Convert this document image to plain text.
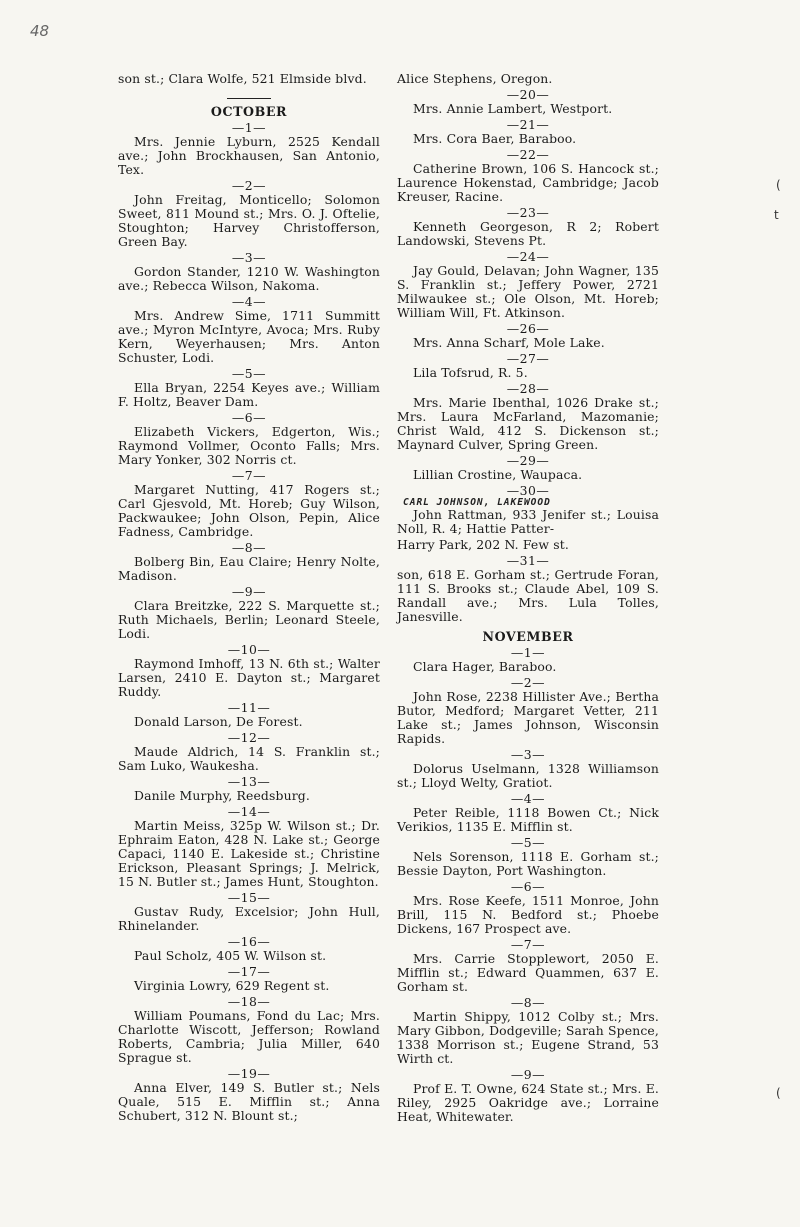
48
(
t
(

son st.; Clara Wolfe, 521 Elmside blvd.

OCTOBER

—1—

Mrs. Jennie Lyburn, 2525 Kendall ave.; John Brockhausen, San Antonio, Tex.

—2—

John Freitag, Monticello; Solomon Sweet, 811 Mound st.; Mrs. O. J. Oftelie, Stoughton; Harvey Christofferson, Green Bay.

—3—

Gordon Stander, 1210 W. Washington ave.; Rebecca Wilson, Nakoma.

—4—

Mrs. Andrew Sime, 1711 Summitt ave.; Myron McIntyre, Avoca; Mrs. Ruby Kern, Weyerhausen; Mrs. Anton Schuster, Lodi.

—5—

Ella Bryan, 2254 Keyes ave.; William F. Holtz, Beaver Dam.

—6—

Elizabeth Vickers, Edgerton, Wis.; Raymond Vollmer, Oconto Falls; Mrs. Mary Yonker, 302 Norris ct.

—7—

Margaret Nutting, 417 Rogers st.; Carl Gjesvold, Mt. Horeb; Guy Wilson, Packwaukee; John Olson, Pepin, Alice Fadness, Cambridge.

—8—

Bolberg Bin, Eau Claire; Henry Nolte, Madison.

—9—

Clara Breitzke, 222 S. Marquette st.; Ruth Michaels, Berlin; Leonard Steele, Lodi.

—10—

Raymond Imhoff, 13 N. 6th st.; Walter Larsen, 2410 E. Dayton st.; Margaret Ruddy.

—11—

Donald Larson, De Forest.

—12—

Maude Aldrich, 14 S. Franklin st.; Sam Luko, Waukesha.

—13—

Danile Murphy, Reedsburg.

—14—

Martin Meiss, 325p W. Wilson st.; Dr. Ephraim Eaton, 428 N. Lake st.; George Capaci, 1140 E. Lakeside st.; Christine Erickson, Pleasant Springs; J. Melrick, 15 N. Butler st.; James Hunt, Stoughton.

—15—

Gustav Rudy, Excelsior; John Hull, Rhinelander.

—16—

Paul Scholz, 405 W. Wilson st.

—17—

Virginia Lowry, 629 Regent st.

—18—

William Poumans, Fond du Lac; Mrs. Charlotte Wiscott, Jefferson; Rowland Roberts, Cambria; Julia Miller, 640 Sprague st.

—19—

Anna Elver, 149 S. Butler st.; Nels Quale, 515 E. Mifflin st.; Anna Schubert, 312 N. Blount st.;

Alice Stephens, Oregon.

—20—

Mrs. Annie Lambert, Westport.

—21—

Mrs. Cora Baer, Baraboo.

—22—

Catherine Brown, 106 S. Hancock st.; Laurence Hokenstad, Cambridge; Jacob Kreuser, Racine.

—23—

Kenneth Georgeson, R 2; Robert Landowski, Stevens Pt.

—24—

Jay Gould, Delavan; John Wagner, 135 S. Franklin st.; Jeffery Power, 2721 Milwaukee st.; Ole Olson, Mt. Horeb; William Will, Ft. Atkinson.

—26—

Mrs. Anna Scharf, Mole Lake.

—27—

Lila Tofsrud, R. 5.

—28—

Mrs. Marie Ibenthal, 1026 Drake st.; Mrs. Laura McFarland, Mazomanie; Christ Wald, 412 S. Dickenson st.; Maynard Culver, Spring Green.

—29—

Lillian Crostine, Waupaca.

—30—

CARL JOHNSON, LAKEWOOD

John Rattman, 933 Jenifer st.; Louisa Noll, R. 4; Hattie Patter-

Harry Park, 202 N. Few st.

—31—

son, 618 E. Gorham st.; Gertrude Foran, 111 S. Brooks st.; Claude Abel, 109 S. Randall ave.; Mrs. Lula Tolles, Janesville.

NOVEMBER

—1—

Clara Hager, Baraboo.

—2—

John Rose, 2238 Hillister Ave.; Bertha Butor, Medford; Margaret Vetter, 211 Lake st.; James Johnson, Wisconsin Rapids.

—3—

Dolorus Uselmann, 1328 Williamson st.; Lloyd Welty, Gratiot.

—4—

Peter Reible, 1118 Bowen Ct.; Nick Verikios, 1135 E. Mifflin st.

—5—

Nels Sorenson, 1118 E. Gorham st.; Bessie Dayton, Port Washington.

—6—

Mrs. Rose Keefe, 1511 Monroe, John Brill, 115 N. Bedford st.; Phoebe Dickens, 167 Prospect ave.

—7—

Mrs. Carrie Stopplewort, 2050 E. Mifflin st.; Edward Quammen, 637 E. Gorham st.

—8—

Martin Shippy, 1012 Colby st.; Mrs. Mary Gibbon, Dodgeville; Sarah Spence, 1338 Morrison st.; Eugene Strand, 53 Wirth ct.

—9—

Prof E. T. Owne, 624 State st.; Mrs. E. Riley, 2925 Oakridge ave.; Lorraine Heat, Whitewater.
